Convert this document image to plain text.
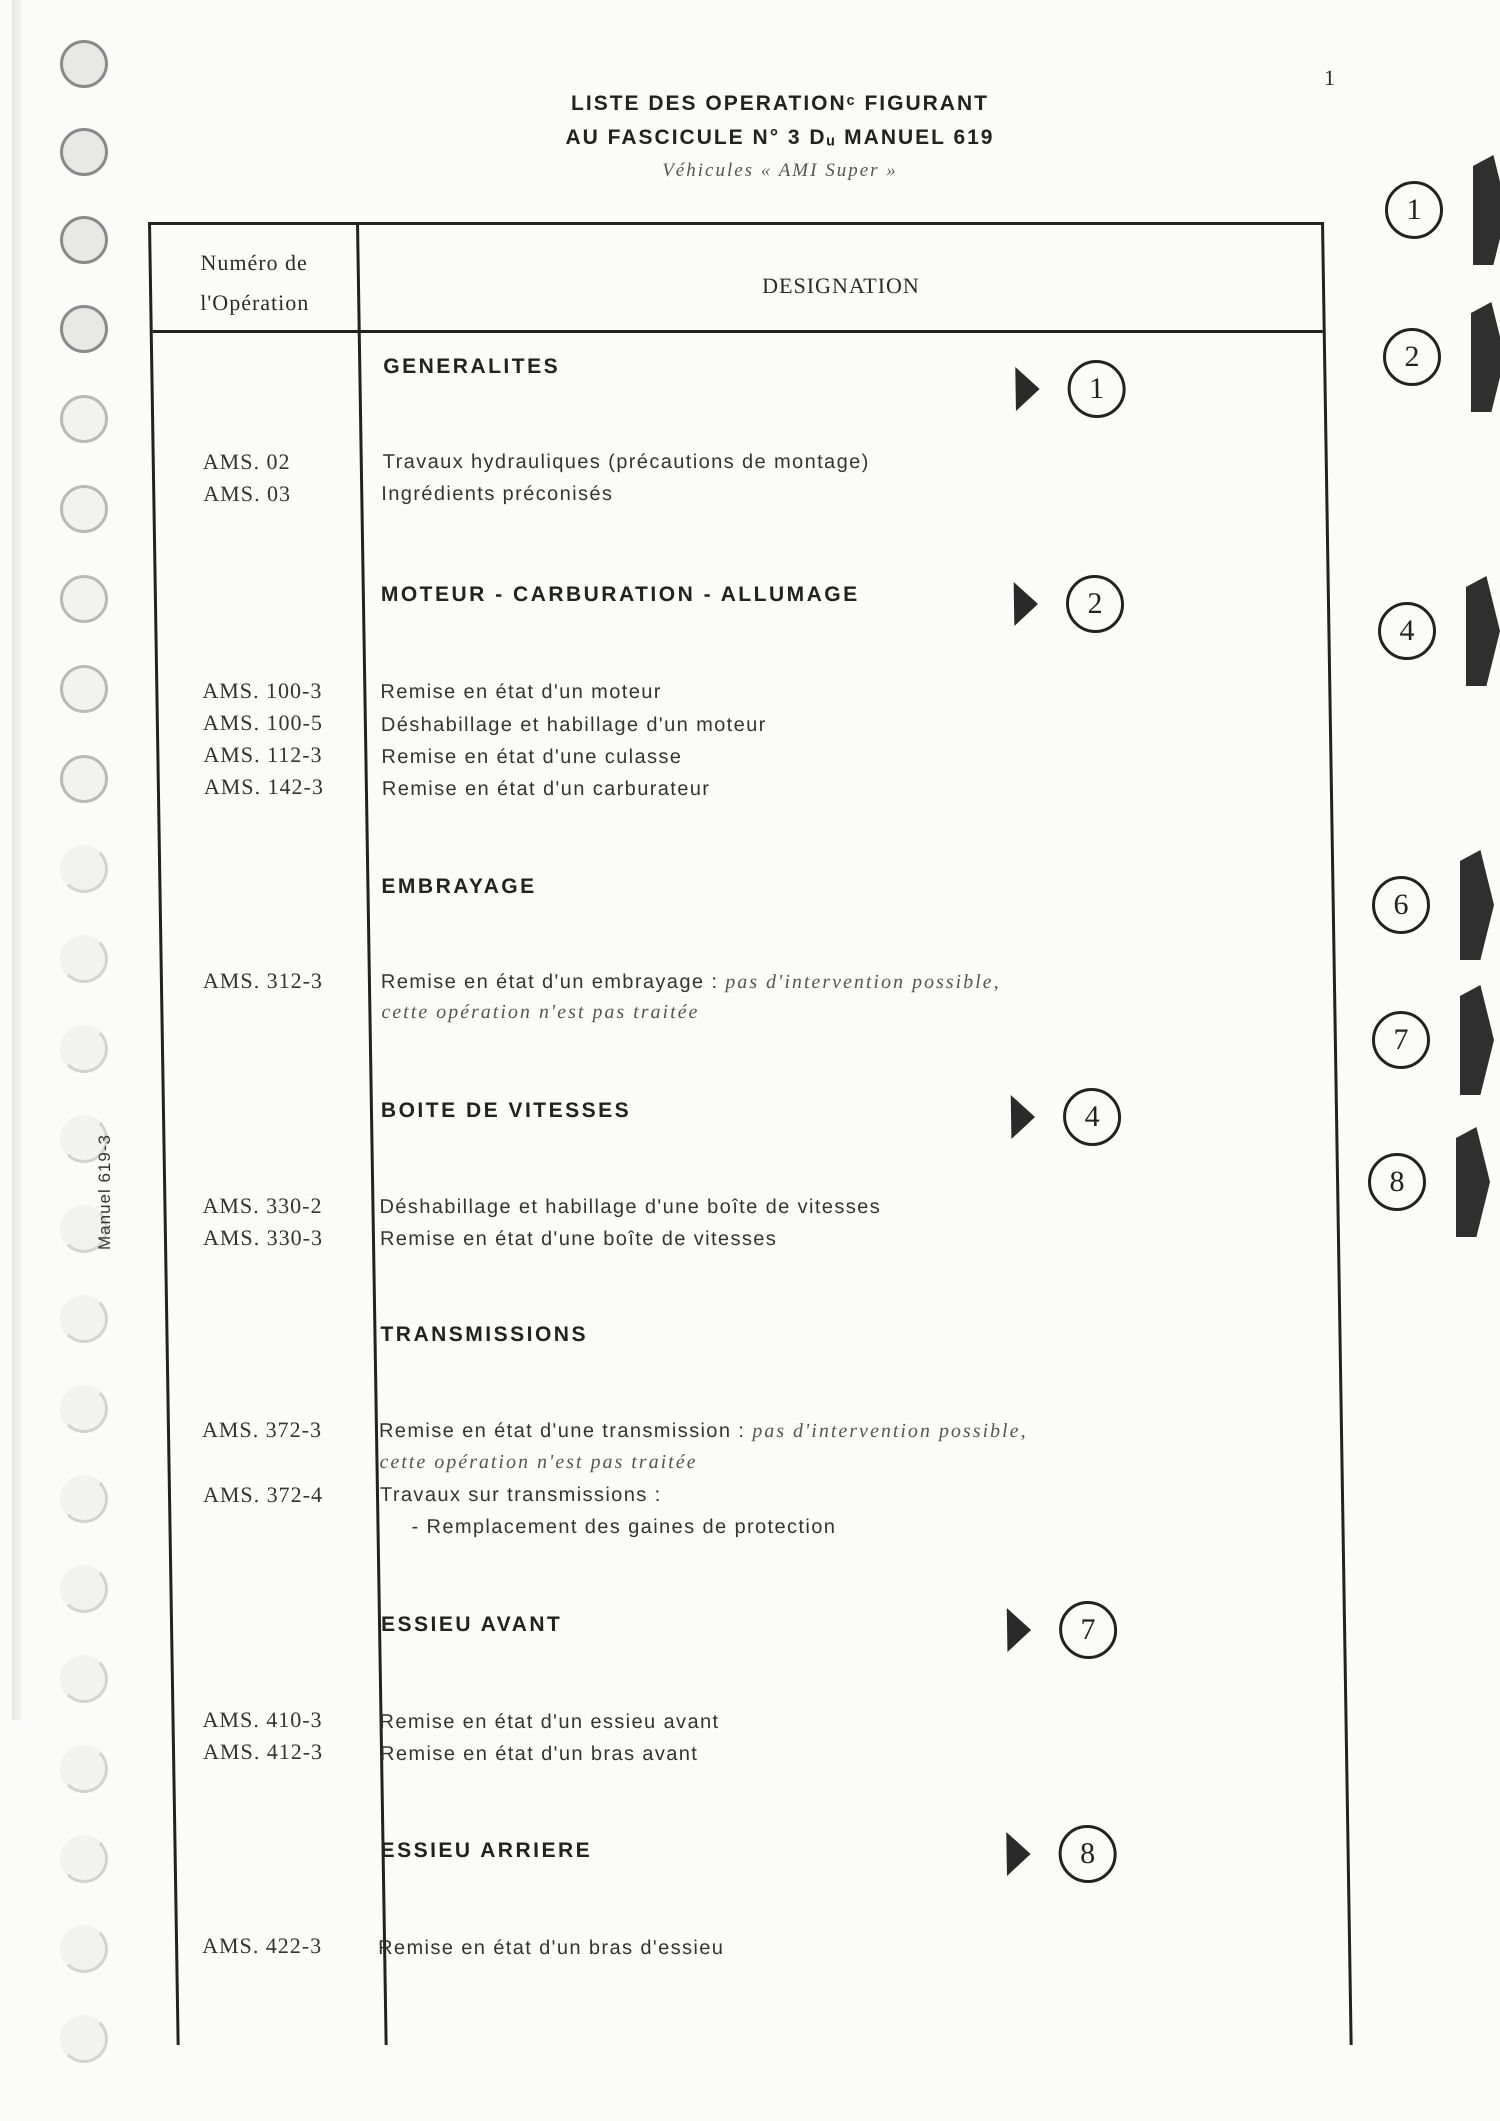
Manuel 619-3
1
LISTE DES OPERATIONᶜ FIGURANT
AU FASCICULE N° 3 Dᵤ MANUEL 619
Véhicules « AMI Super »
Numéro de l'Opération
DESIGNATION
GENERALITES
1
AMS. 02	Travaux hydrauliques (précautions de montage)
AMS. 03	Ingrédients préconisés
MOTEUR - CARBURATION - ALLUMAGE	2
AMS. 100-3	Remise en état d'un moteur
AMS. 100-5	Déshabillage et habillage d'un moteur
AMS. 112-3	Remise en état d'une culasse
AMS. 142-3	Remise en état d'un carburateur
EMBRAYAGE
AMS. 312-3	Remise en état d'un embrayage : pas d'intervention possible,
cette opération n'est pas traitée
BOITE DE VITESSES	4
AMS. 330-2	Déshabillage et habillage d'une boîte de vitesses
AMS. 330-3	Remise en état d'une boîte de vitesses
TRANSMISSIONS
AMS. 372-3	Remise en état d'une transmission : pas d'intervention possible,
cette opération n'est pas traitée
AMS. 372-4	Travaux sur transmissions :
- Remplacement des gaines de protection
ESSIEU AVANT	7
AMS. 410-3	Remise en état d'un essieu avant
AMS. 412-3	Remise en état d'un bras avant
ESSIEU ARRIERE	8
AMS. 422-3	Remise en état d'un bras d'essieu
1
2
4
6
7
8
